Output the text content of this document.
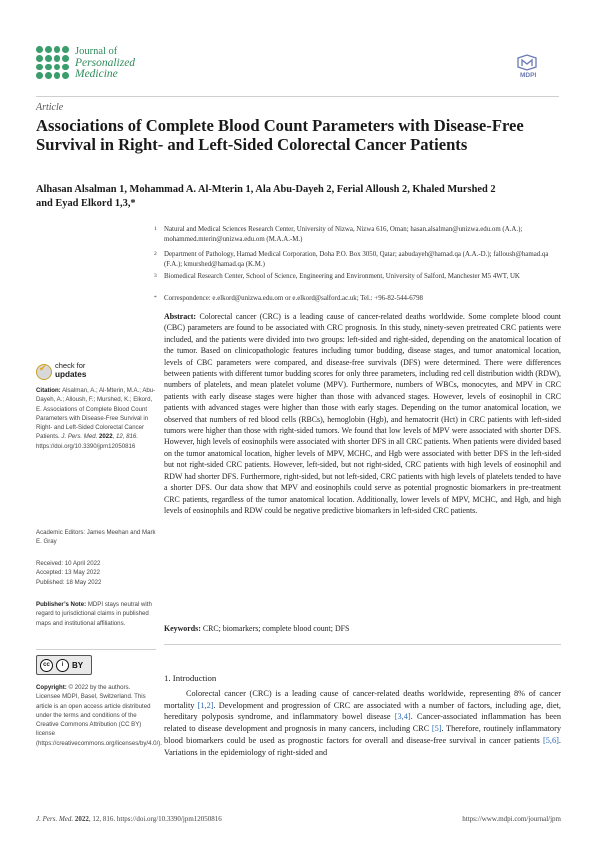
Journal of
Personalized
Medicine	MDPI
Article
Associations of Complete Blood Count Parameters with Disease-Free Survival in Right- and Left-Sided Colorectal Cancer Patients
Alhasan Alsalman 1, Mohammad A. Al-Mterin 1, Ala Abu-Dayeh 2, Ferial Alloush 2, Khaled Murshed 2
and Eyad Elkord 1,3,*
1 Natural and Medical Sciences Research Center, University of Nizwa, Nizwa 616, Oman; hasan.alsalman@unizwa.edu.om (A.A.); mohammed.mterin@unizwa.edu.om (M.A.A.-M.)
2 Department of Pathology, Hamad Medical Corporation, Doha P.O. Box 3050, Qatar; aabudayeh@hamad.qa (A.A.-D.); falloush@hamad.qa (F.A.); kmurshed@hamad.qa (K.M.)
3 Biomedical Research Center, School of Science, Engineering and Environment, University of Salford, Manchester M5 4WT, UK
* Correspondence: e.elkord@unizwa.edu.om or e.elkord@salford.ac.uk; Tel.: +96-82-544-6798
Abstract: Colorectal cancer (CRC) is a leading cause of cancer-related deaths worldwide. Some complete blood count (CBC) parameters are found to be associated with CRC prognosis. In this study, ninety-seven pretreated CRC patients were included, and the patients were divided into two groups: left-sided and right-sided, depending on the anatomical location of the tumor. Based on clinicopathologic features including tumor budding, disease stages, and tumor anatomical location, levels of CBC parameters were compared, and disease-free survivals (DFS) were determined. There were differences between patients with different tumor budding scores for only three parameters, including red cell distribution width (RDW), numbers of platelets, and mean platelet volume (MPV). Furthermore, numbers of WBCs, monocytes, and MPV in CRC patients with early disease stages were higher than those with advanced stages. However, levels of eosinophil in CRC patients with advanced stages were higher than those with early stages. Depending on the tumor anatomical location, we observed that numbers of red blood cells (RBCs), hemoglobin (Hgb), and hematocrit (Hct) in CRC patients with left-sided tumors were higher than those with right-sided tumors. We found that low levels of MPV were associated with shorter DFS. However, high levels of eosinophils were associated with shorter DFS in all CRC patients. When patients were divided based on the tumor anatomical location, higher levels of MPV, MCHC, and Hgb were associated with better DFS in the left-sided but not right-sided CRC patients. However, left-sided, but not right-sided, CRC patients with high levels of eosinophil and RDW had shorter DFS. Furthermore, right-sided, but not left-sided, CRC patients with high levels of platelets tended to have a shorter DFS. Our data show that MPV and eosinophils could serve as potential prognostic biomarkers in pre-treatment CRC patients, regardless of the tumor anatomical location. Additionally, lower levels of MPV, MCHC, and Hgb, and high levels of eosinophils and RDW could be negative predictive biomarkers in left-sided CRC patients.
Keywords: CRC; biomarkers; complete blood count; DFS
✔ check for
updates
Citation: Alsalman, A.; Al-Mterin, M.A.; Abu-Dayeh, A.; Alloush, F.; Murshed, K.; Elkord, E. Associations of Complete Blood Count Parameters with Disease-Free Survival in Right- and Left-Sided Colorectal Cancer Patients. J. Pers. Med. 2022, 12, 816. https://doi.org/10.3390/jpm12050816
Academic Editors: James Meehan and Mark E. Gray
Received: 10 April 2022
Accepted: 13 May 2022
Published: 18 May 2022
Publisher’s Note: MDPI stays neutral with regard to jurisdictional claims in published maps and institutional affiliations.
cc	i	BY
Copyright: © 2022 by the authors. Licensee MDPI, Basel, Switzerland. This article is an open access article distributed under the terms and conditions of the Creative Commons Attribution (CC BY) license (https://creativecommons.org/licenses/by/4.0/).
1. Introduction
Colorectal cancer (CRC) is a leading cause of cancer-related deaths worldwide, representing 8% of cancer mortality [1,2]. Development and progression of CRC are associated with a number of factors, including age, diet, hereditary polyposis syndrome, and inflammatory bowel disease [3,4]. Cancer-associated inflammation has been related to disease development and prognosis in many cancers, including CRC [5]. Therefore, routinely inflammatory blood biomarkers could be used as prognostic factors for overall and disease-free survival in cancer patients [5,6]. Variations in the epidemiology of right-sided and
J. Pers. Med. 2022, 12, 816. https://doi.org/10.3390/jpm12050816	https://www.mdpi.com/journal/jpm
